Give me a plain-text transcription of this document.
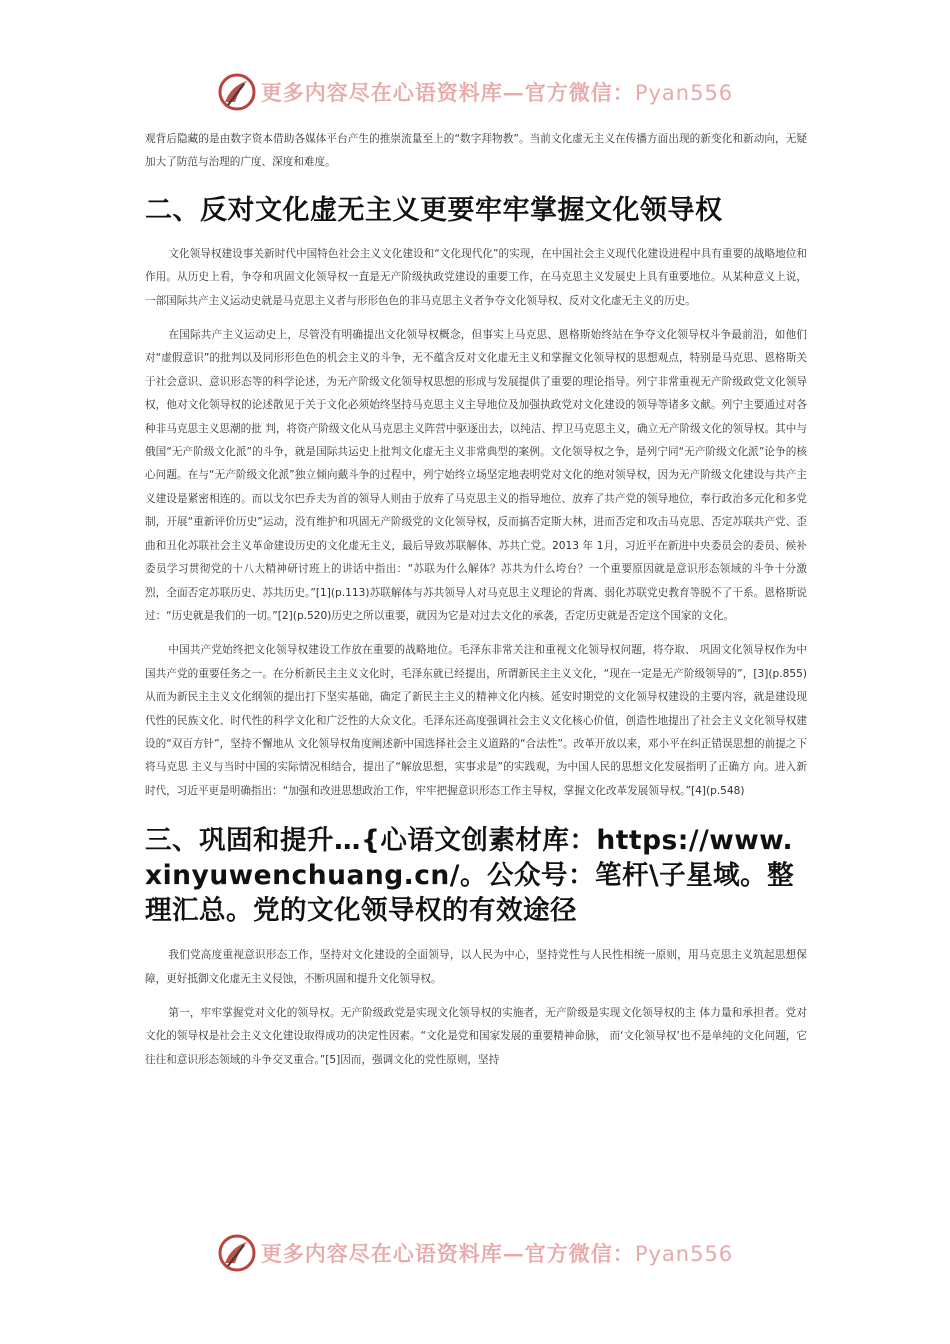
更多内容尽在心语资料库—官方微信：Pyan556

观背后隐藏的是由数字资本借助各媒体平台产生的推崇流量至上的“数字拜物教”。当前文化虚无主义在传播方面出现的新变化和新动向，无疑加大了防范与治理的广度、深度和难度。

二、反对文化虚无主义更要牢牢掌握文化领导权

文化领导权建设事关新时代中国特色社会主义文化建设和“文化现代化”的实现，在中国社会主义现代化建设进程中具有重要的战略地位和作用。从历史上看，争夺和巩固文化领导权一直是无产阶级执政党建设的重要工作，在马克思主义发展史上具有重要地位。从某种意义上说，一部国际共产主义运动史就是马克思主义者与形形色色的非马克思主义者争夺文化领导权、反对文化虚无主义的历史。

在国际共产主义运动史上，尽管没有明确提出文化领导权概念，但事实上马克思、恩格斯始终站在争夺文化领导权斗争最前沿，如他们对“虚假意识”的批判以及同形形色色的机会主义的斗争，无不蕴含反对文化虚无主义和掌握文化领导权的思想观点，特别是马克思、恩格斯关于社会意识、意识形态等的科学论述，为无产阶级文化领导权思想的形成与发展提供了重要的理论指导。列宁非常重视无产阶级政党文化领导权，他对文化领导权的论述散见于关于文化必须始终坚持马克思主义主导地位及加强执政党对文化建设的领导等诸多文献。列宁主要通过对各种非马克思主义思潮的批 判，将资产阶级文化从马克思主义阵营中驱逐出去，以纯洁、捍卫马克思主义，确立无产阶级文化的领导权。其中与俄国“无产阶级文化派”的斗争，就是国际共运史上批判文化虚无主义非常典型的案例。文化领导权之争，是列宁同“无产阶级文化派”论争的核心问题。在与“无产阶级文化派”独立倾向戴斗争的过程中，列宁始终立场坚定地表明党对文化的绝对领导权，因为无产阶级文化建设与共产主义建设是紧密相连的。而以戈尔巴乔夫为首的领导人则由于放弃了马克思主义的指导地位、放弃了共产党的领导地位，奉行政治多元化和多党制，开展“重新评价历史”运动，没有维护和巩固无产阶级党的文化领导权，反而搞否定斯大林，进而否定和攻击马克思、否定苏联共产党、歪曲和丑化苏联社会主义革命建设历史的文化虚无主义，最后导致苏联解体、苏共亡党。2013 年 1月，习近平在新进中央委员会的委员、候补委员学习贯彻党的十八大精神研讨班上的讲话中指出：“苏联为什么解体？苏共为什么垮台？一个重要原因就是意识形态领域的斗争十分激烈，全面否定苏联历史、苏共历史。”[1](p.113)苏联解体与苏共领导人对马克思主义理论的背离、弱化苏联党史教育等脱不了干系。恩格斯说过：“历史就是我们的一切。”[2](p.520)历史之所以重要，就因为它是对过去文化的承袭，否定历史就是否定这个国家的文化。

中国共产党始终把文化领导权建设工作放在重要的战略地位。毛泽东非常关注和重视文化领导权问题，将夺取、 巩固文化领导权作为中国共产党的重要任务之一。在分析新民主主义文化时，毛泽东就已经提出，所谓新民主主义文化，“现在一定是无产阶级领导的”，[3](p.855)从而为新民主主义文化纲领的提出打下坚实基础，确定了新民主主义的精神文化内核。延安时期党的文化领导权建设的主要内容，就是建设现代性的民族文化、时代性的科学文化和广泛性的大众文化。毛泽东还高度强调社会主义文化核心价值，创造性地提出了社会主义文化领导权建设的“双百方针”，坚持不懈地从 文化领导权角度阐述新中国选择社会主义道路的“合法性”。改革开放以来，邓小平在纠正错误思想的前提之下将马克思 主义与当时中国的实际情况相结合，提出了“解放思想，实事求是”的实践观，为中国人民的思想文化发展指明了正确方 向。进入新时代，习近平更是明确指出：“加强和改进思想政治工作，牢牢把握意识形态工作主导权，掌握文化改革发展领导权。”[4](p.548)

三、巩固和提升…{心语文创素材库：https://www.xinyuwenchuang.cn/。公众号：笔杆\子星域。整理汇总。党的文化领导权的有效途径

我们党高度重视意识形态工作，坚持对文化建设的全面领导，以人民为中心，坚持党性与人民性相统一原则，用马克思主义筑起思想保障，更好抵御文化虚无主义侵蚀，不断巩固和提升文化领导权。

第一，牢牢掌握党对文化的领导权。无产阶级政党是实现文化领导权的实施者，无产阶级是实现文化领导权的主 体力量和承担者。党对文化的领导权是社会主义文化建设取得成功的决定性因素。“文化是党和国家发展的重要精神命脉， 而‘文化领导权’也不是单纯的文化问题，它往往和意识形态领域的斗争交叉重合。”[5]因而，强调文化的党性原则，坚持

更多内容尽在心语资料库—官方微信：Pyan556
